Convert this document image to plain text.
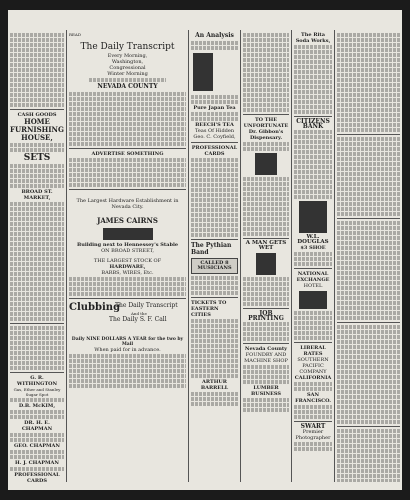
CASH GOODS
HOME FURNISHING HOUSE,
SETS
BROAD ST. MARKET,
G. R. WITHINGTON
Gas, Ether and Stanley Sugar Spot
D.B. McKIM,
DR. H. E. CHAPMAN
GEO. CHAPMAN
H. J. CHAPMAN
PROFESSIONAL CARDS
READ
The Daily Transcript
Every Morning,
Washington,
Congressional
Winter Morning
NEVADA COUNTY
ADVERTISE SOMETHING
The Largest Hardware Establishment in Nevada City.
JAMES CAIRNS
Building next to Hennessey's Stable
ON BROAD STREET,
THE LARGEST STOCK OF
HARDWARE,
BARBS, WIRES, Etc.
Clubbing
The Daily Transcript
And the
The Daily S. F. Call
Daily NINE DOLLARS A YEAR for the two by Mail
When paid for in advance.
An Analysis
Pure Japan Tea
BEECH'S TEA
Teas Of Hidden
Geo. C. Coyfield,
PROFESSIONAL CARDS
The Pythian
Band
CALLED 8 MUSICIANS
TICKETS TO
EASTERN CITIES
ARTHUR BARRELL
TO THE UNFORTUNATE
Dr. Gibbon's Dispensary.
A MAN GETS WET
JOB PRINTING
Nevada County
FOUNDRY AND MACHINE SHOP
LUMBER BUSINESS
The Rita Soda Works,
CITIZENS BANK
W.L. DOUGLAS
$3 SHOE
NATIONAL EXCHANGE
HOTEL
LIBERAL RATES
SOUTHERN PACIFIC COMPANY
CALIFORNIA
SAN FRANCISCO.
SWART
Premier Photographer
